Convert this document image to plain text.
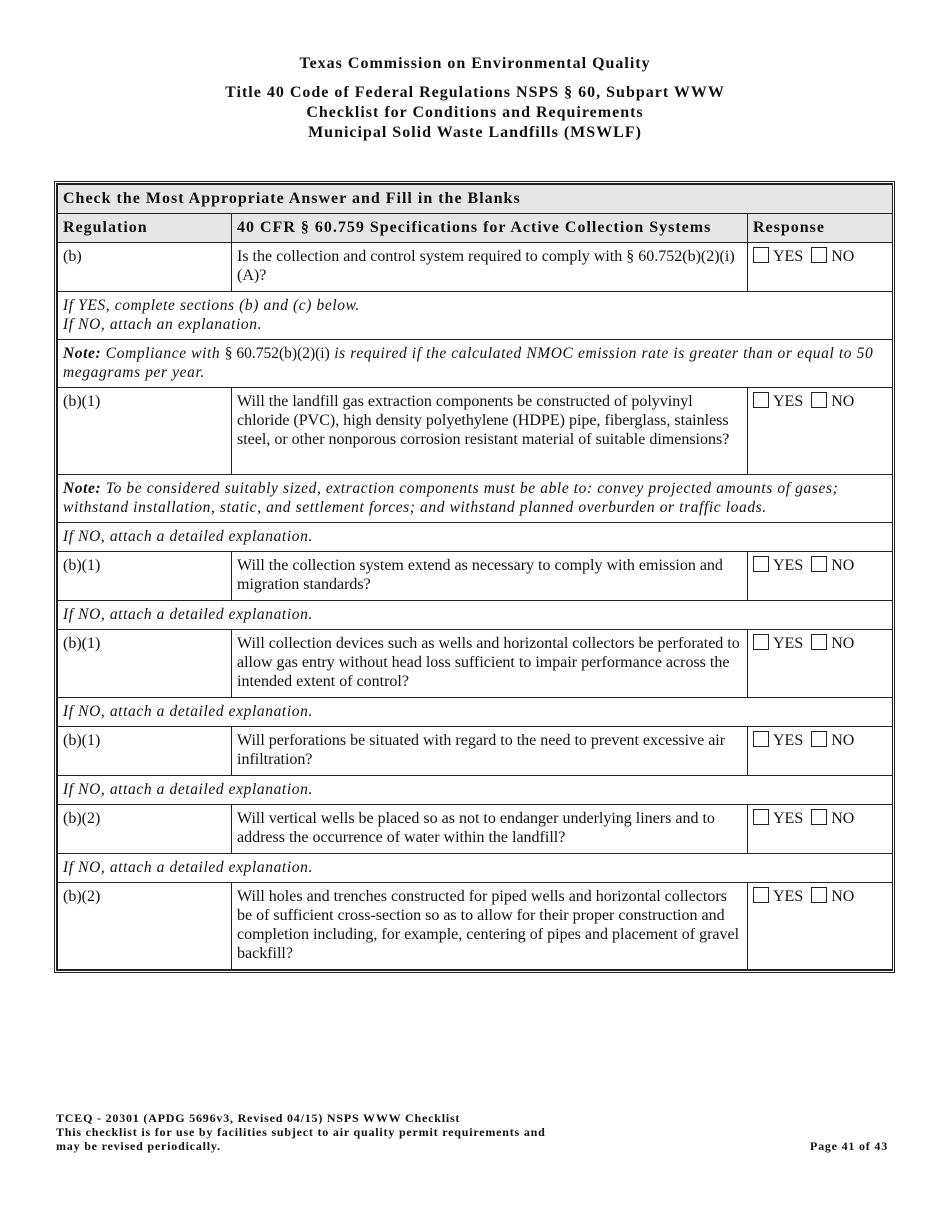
Texas Commission on Environmental Quality
Title 40 Code of Federal Regulations NSPS § 60, Subpart WWW
Checklist for Conditions and Requirements
Municipal Solid Waste Landfills (MSWLF)
Check the Most Appropriate Answer and Fill in the Blanks		
Regulation	40 CFR § 60.759 Specifications for Active Collection Systems	Response
(b)	Is the collection and control system required to comply with § 60.752(b)(2)(i)(A)?	YES NO

If YES, complete sections (b) and (c) below.
If NO, attach an explanation.		

Note: Compliance with § 60.752(b)(2)(i) is required if the calculated NMOC emission rate is greater than or equal to 50 megagrams per year.		
(b)(1)	Will the landfill gas extraction components be constructed of polyvinyl chloride (PVC), high density polyethylene (HDPE) pipe, fiberglass, stainless steel, or other nonporous corrosion resistant material of suitable dimensions?	YES NO
Note: To be considered suitably sized, extraction components must be able to: convey projected amounts of gases; withstand installation, static, and settlement forces; and withstand planned overburden or traffic loads.		
If NO, attach a detailed explanation.		
(b)(1)	Will the collection system extend as necessary to comply with emission and migration standards?	YES NO
If NO, attach a detailed explanation.		
(b)(1)	Will collection devices such as wells and horizontal collectors be perforated to allow gas entry without head loss sufficient to impair performance across the intended extent of control?	YES NO
If NO, attach a detailed explanation.		
(b)(1)	Will perforations be situated with regard to the need to prevent excessive air infiltration?	YES NO
If NO, attach a detailed explanation.		
(b)(2)	Will vertical wells be placed so as not to endanger underlying liners and to address the occurrence of water within the landfill?	YES NO
If NO, attach a detailed explanation.		
(b)(2)	Will holes and trenches constructed for piped wells and horizontal collectors be of sufficient cross-section so as to allow for their proper construction and completion including, for example, centering of pipes and placement of gravel backfill?	YES NO
TCEQ - 20301 (APDG 5696v3, Revised 04/15) NSPS WWW Checklist
This checklist is for use by facilities subject to air quality permit requirements and
may be revised periodically.	Page 41 of 43
